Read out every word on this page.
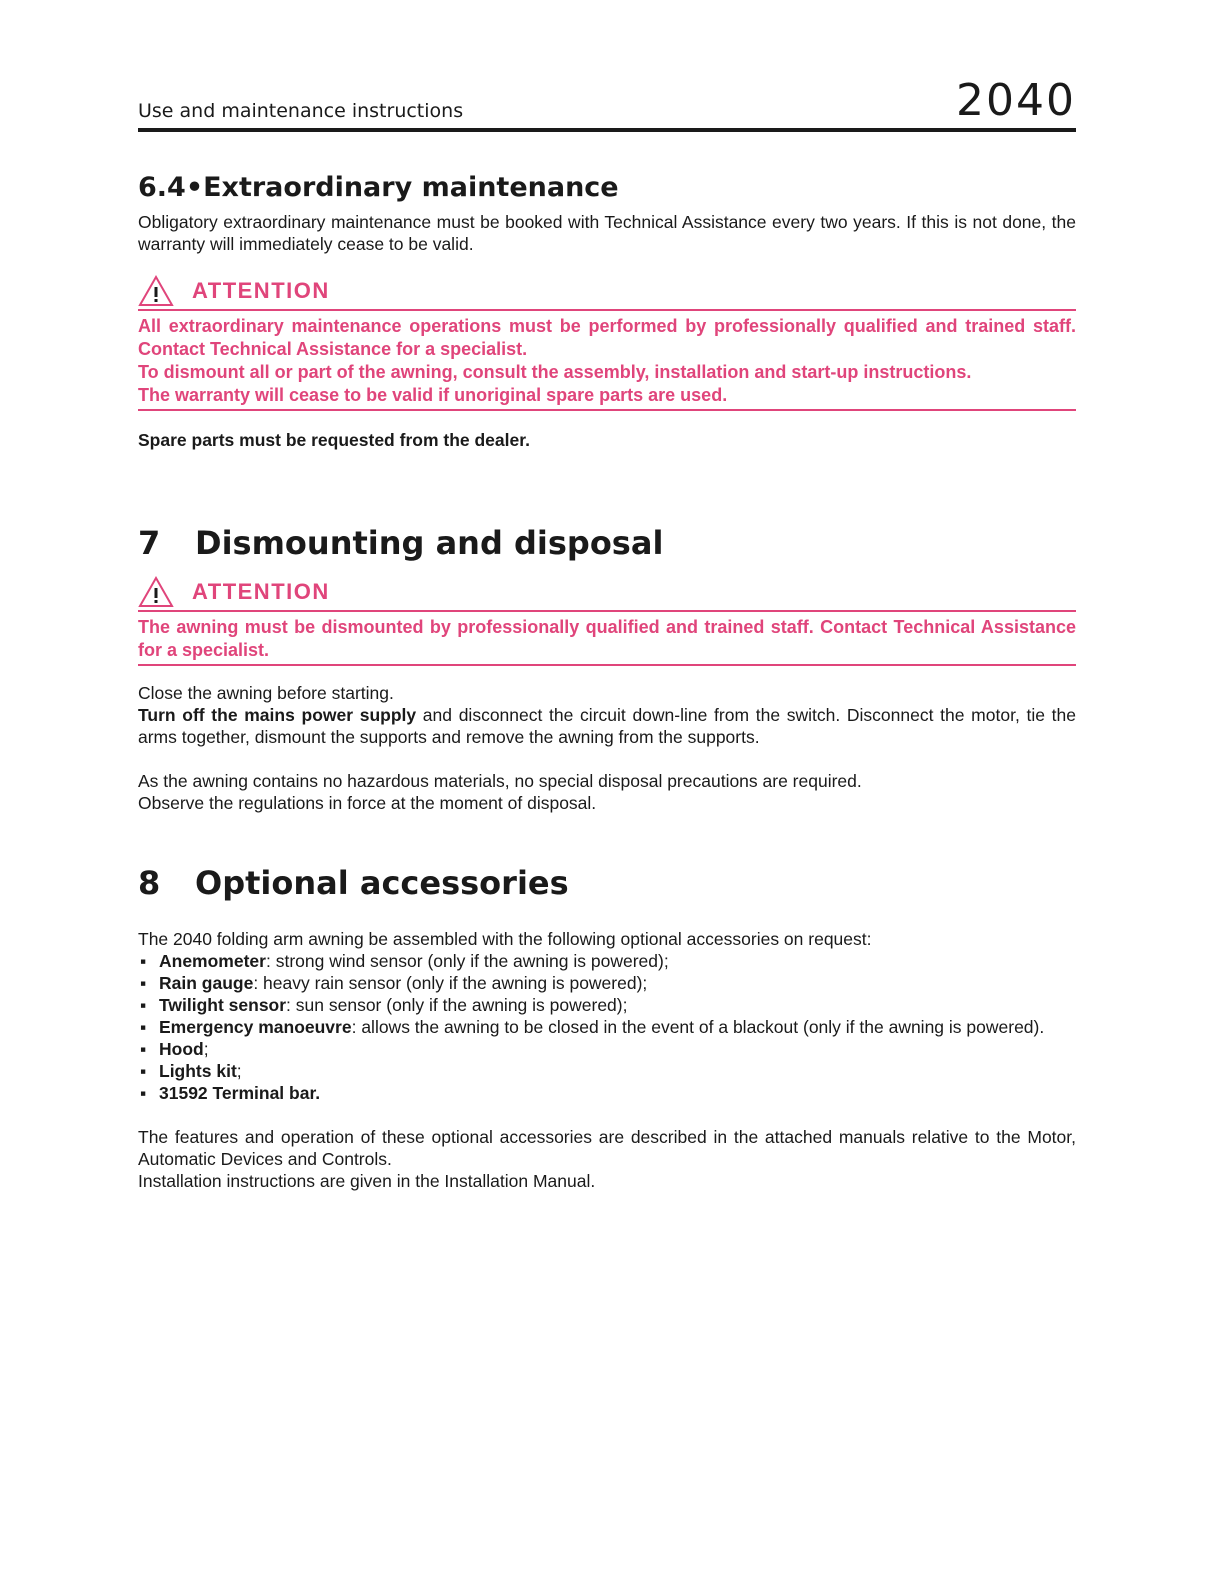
Use and maintenance instructions	2040
6.4•Extraordinary maintenance

Obligatory extraordinary maintenance must be booked with Technical Assistance every two years. If this is not done, the warranty will immediately cease to be valid.

ATTENTION

All extraordinary maintenance operations must be performed by professionally qualified and trained staff. Contact Technical Assistance for a specialist.

To dismount all or part of the awning, consult the assembly, installation and start-up instructions.

The warranty will cease to be valid if unoriginal spare parts are used.

Spare parts must be requested from the dealer.

7 Dismounting and disposal
ATTENTION

The awning must be dismounted by professionally qualified and trained staff. Contact Technical Assistance for a specialist.

Close the awning before starting.

Turn off the mains power supply and disconnect the circuit down-line from the switch. Disconnect the motor, tie the arms together, dismount the supports and remove the awning from the supports.

As the awning contains no hazardous materials, no special disposal precautions are required.

Observe the regulations in force at the moment of disposal.

8 Optional accessories

The 2040 folding arm awning be assembled with the following optional accessories on request:

▪ Anemometer: strong wind sensor (only if the awning is powered);
▪ Rain gauge: heavy rain sensor (only if the awning is powered);
▪ Twilight sensor: sun sensor (only if the awning is powered);
▪ Emergency manoeuvre: allows the awning to be closed in the event of a blackout (only if the awning is powered).
▪ Hood;
▪ Lights kit;
▪ 31592 Terminal bar.

The features and operation of these optional accessories are described in the attached manuals relative to the Motor, Automatic Devices and Controls.

Installation instructions are given in the Installation Manual.
